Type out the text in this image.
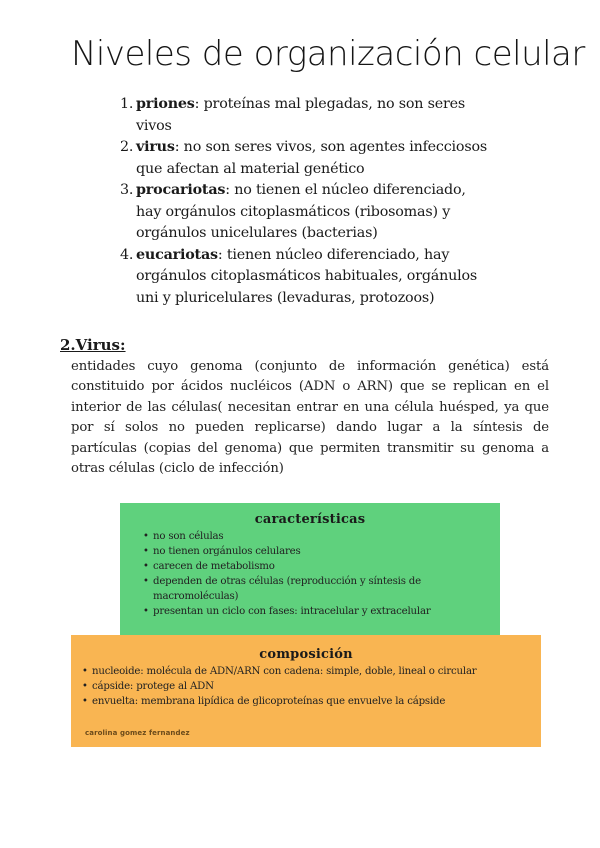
Niveles de organización celular
1. priones: proteínas mal plegadas, no son seres vivos
2. virus: no son seres vivos, son agentes infecciosos que afectan al material genético
3. procariotas: no tienen el núcleo diferenciado, hay orgánulos citoplasmáticos (ribosomas) y orgánulos unicelulares (bacterias)
4. eucariotas: tienen núcleo diferenciado, hay orgánulos citoplasmáticos habituales, orgánulos uni y pluricelulares (levaduras, protozoos)
2.Virus:
entidades cuyo genoma (conjunto de información genética) está constituido por ácidos nucléicos (ADN o ARN) que se replican en el interior de las células( necesitan entrar en una célula huésped, ya que por sí solos no pueden replicarse) dando lugar a la síntesis de partículas (copias del genoma) que permiten transmitir su genoma a otras células (ciclo de infección)
características
• no son células
• no tienen orgánulos celulares
• carecen de metabolismo
• dependen de otras células (reproducción y síntesis de macromoléculas)
• presentan un ciclo con fases: intracelular y extracelular
composición
• nucleoide: molécula de ADN/ARN con cadena: simple, doble, lineal o circular
• cápside: protege al ADN
• envuelta: membrana lipídica de glicoproteínas que envuelve la cápside
carolina gomez fernandez
